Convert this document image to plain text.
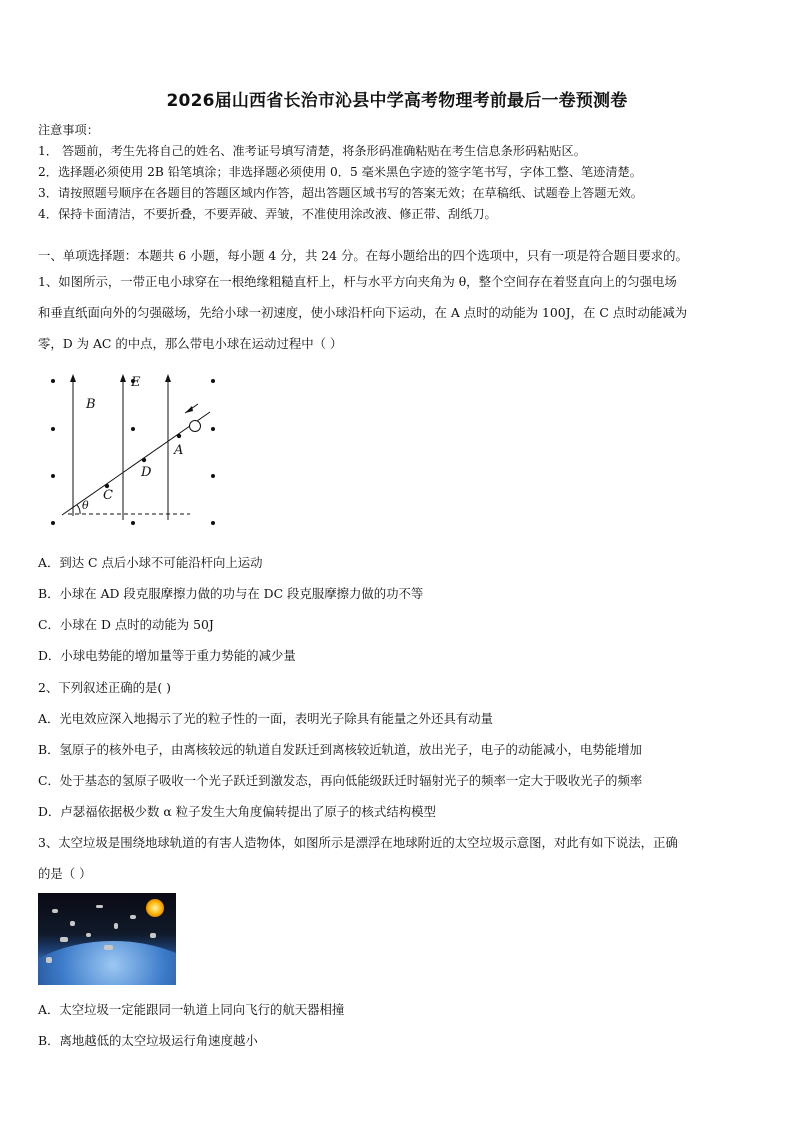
2026届山西省长治市沁县中学高考物理考前最后一卷预测卷
注意事项：
1． 答题前，考生先将自己的姓名、准考证号填写清楚，将条形码准确粘贴在考生信息条形码粘贴区。
2．选择题必须使用 2B 铅笔填涂；非选择题必须使用 0．5 毫米黑色字迹的签字笔书写，字体工整、笔迹清楚。
3．请按照题号顺序在各题目的答题区域内作答，超出答题区域书写的答案无效；在草稿纸、试题卷上答题无效。
4．保持卡面清洁，不要折叠，不要弄破、弄皱，不准使用涂改液、修正带、刮纸刀。
一、单项选择题：本题共 6 小题，每小题 4 分，共 24 分。在每小题给出的四个选项中，只有一项是符合题目要求的。
1、如图所示，一带正电小球穿在一根绝缘粗糙直杆上，杆与水平方向夹角为 θ，整个空间存在着竖直向上的匀强电场
和垂直纸面向外的匀强磁场，先给小球一初速度，使小球沿杆向下运动，在 A 点时的动能为 100J，在 C 点时动能减为
零，D 为 AC 的中点，那么带电小球在运动过程中（ ）
E
B
A
D
C
θ
A．到达 C 点后小球不可能沿杆向上运动
B．小球在 AD 段克服摩擦力做的功与在 DC 段克服摩擦力做的功不等
C．小球在 D 点时的动能为 50J
D．小球电势能的增加量等于重力势能的减少量
2、下列叙述正确的是( )
A．光电效应深入地揭示了光的粒子性的一面，表明光子除具有能量之外还具有动量
B．氢原子的核外电子，由离核较远的轨道自发跃迁到离核较近轨道，放出光子，电子的动能减小，电势能增加
C．处于基态的氢原子吸收一个光子跃迁到激发态，再向低能级跃迁时辐射光子的频率一定大于吸收光子的频率
D．卢瑟福依据极少数 α 粒子发生大角度偏转提出了原子的核式结构模型
3、太空垃圾是围绕地球轨道的有害人造物体，如图所示是漂浮在地球附近的太空垃圾示意图，对此有如下说法，正确
的是（ ）
A．太空垃圾一定能跟同一轨道上同向飞行的航天器相撞
B．离地越低的太空垃圾运行角速度越小
